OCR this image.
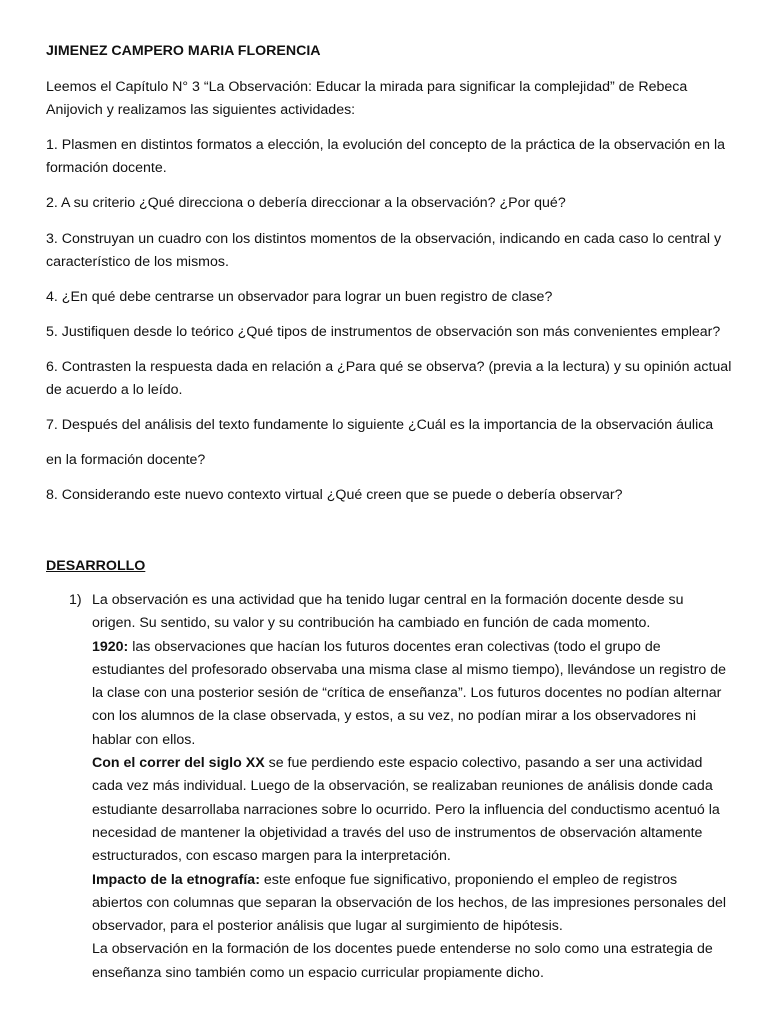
JIMENEZ CAMPERO MARIA FLORENCIA

Leemos el Capítulo N° 3 “La Observación: Educar la mirada para significar la complejidad” de Rebeca Anijovich y realizamos las siguientes actividades:

1. Plasmen en distintos formatos a elección, la evolución del concepto de la práctica de la observación en la formación docente.

2. A su criterio ¿Qué direcciona o debería direccionar a la observación? ¿Por qué?

3. Construyan un cuadro con los distintos momentos de la observación, indicando en cada caso lo central y característico de los mismos.

4. ¿En qué debe centrarse un observador para lograr un buen registro de clase?

5. Justifiquen desde lo teórico ¿Qué tipos de instrumentos de observación son más convenientes emplear?

6. Contrasten la respuesta dada en relación a ¿Para qué se observa? (previa a la lectura) y su opinión actual de acuerdo a lo leído.

7. Después del análisis del texto fundamente lo siguiente ¿Cuál es la importancia de la observación áulica

en la formación docente?

8. Considerando este nuevo contexto virtual ¿Qué creen que se puede o debería observar?

DESARROLLO

1) La observación es una actividad que ha tenido lugar central en la formación docente desde su origen. Su sentido, su valor y su contribución ha cambiado en función de cada momento.
1920: las observaciones que hacían los futuros docentes eran colectivas (todo el grupo de estudiantes del profesorado observaba una misma clase al mismo tiempo), llevándose un registro de la clase con una posterior sesión de “crítica de enseñanza”. Los futuros docentes no podían alternar con los alumnos de la clase observada, y estos, a su vez, no podían mirar a los observadores ni hablar con ellos.
Con el correr del siglo XX se fue perdiendo este espacio colectivo, pasando a ser una actividad cada vez más individual. Luego de la observación, se realizaban reuniones de análisis donde cada estudiante desarrollaba narraciones sobre lo ocurrido. Pero la influencia del conductismo acentuó la necesidad de mantener la objetividad a través del uso de instrumentos de observación altamente estructurados, con escaso margen para la interpretación.
Impacto de la etnografía: este enfoque fue significativo, proponiendo el empleo de registros abiertos con columnas que separan la observación de los hechos, de las impresiones personales del observador, para el posterior análisis que lugar al surgimiento de hipótesis.
La observación en la formación de los docentes puede entenderse no solo como una estrategia de enseñanza sino también como un espacio curricular propiamente dicho.
